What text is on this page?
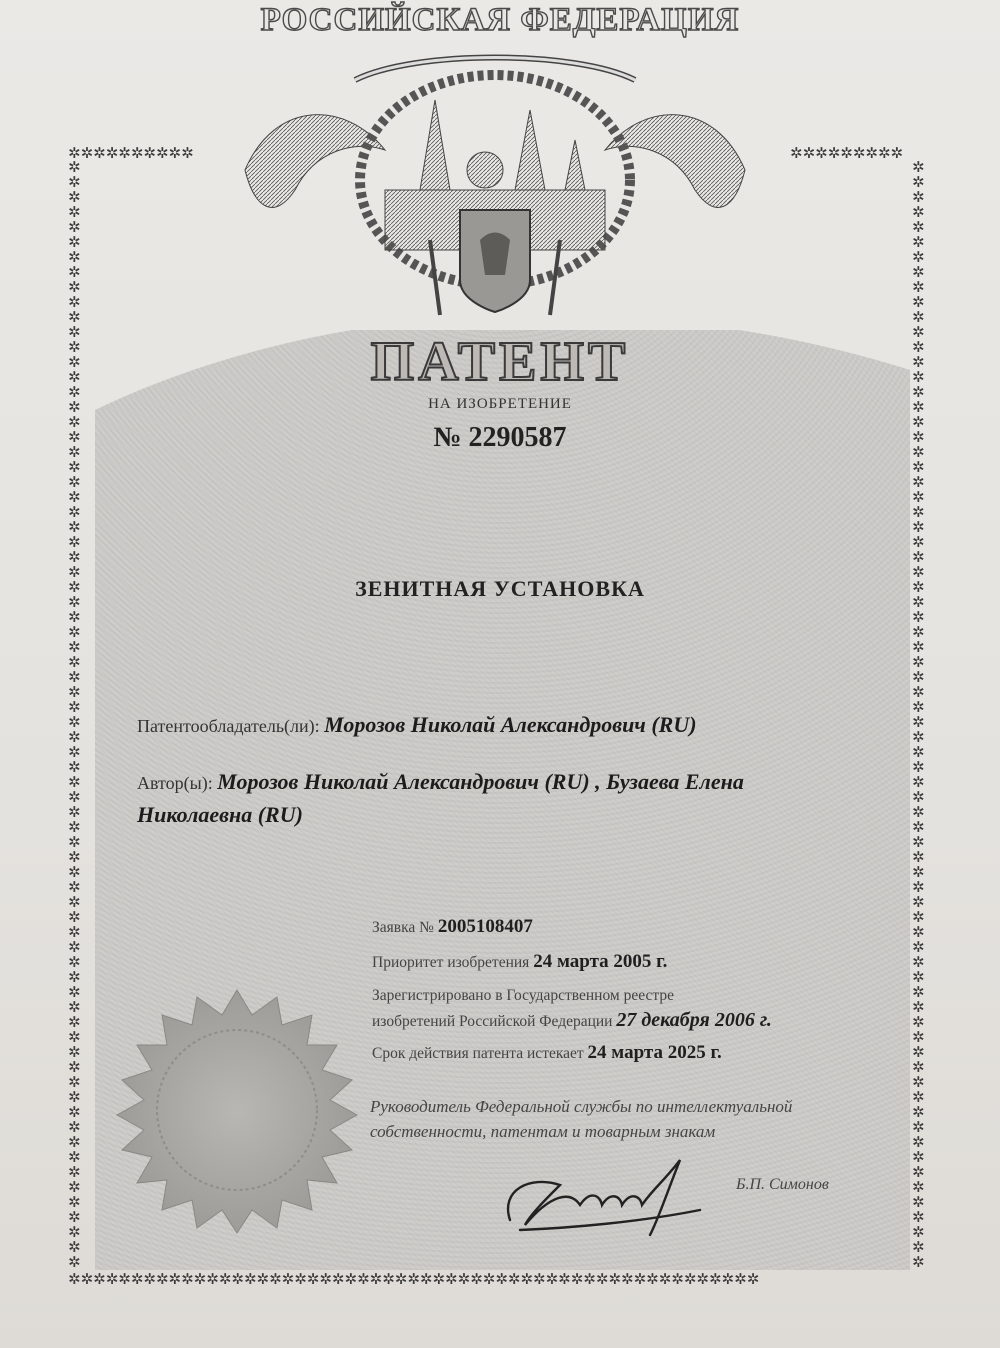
РОССИЙСКАЯ ФЕДЕРАЦИЯ
✲✲✲✲✲✲✲✲✲✲	✲✲✲✲✲✲✲✲✲
✲✲✲✲✲✲✲✲✲✲✲✲✲✲✲✲✲✲✲✲✲✲✲✲✲✲✲✲✲✲✲✲✲✲✲✲✲✲✲✲✲✲✲✲✲✲✲✲✲✲✲✲✲✲✲✲✲✲✲✲✲✲✲✲✲✲✲✲✲✲✲✲✲✲
✲✲✲✲✲✲✲✲✲✲✲✲✲✲✲✲✲✲✲✲✲✲✲✲✲✲✲✲✲✲✲✲✲✲✲✲✲✲✲✲✲✲✲✲✲✲✲✲✲✲✲✲✲✲✲✲✲✲✲✲✲✲✲✲✲✲✲✲✲✲✲✲✲✲
✲✲✲✲✲✲✲✲✲✲✲✲✲✲✲✲✲✲✲✲✲✲✲✲✲✲✲✲✲✲✲✲✲✲✲✲✲✲✲✲✲✲✲✲✲✲✲✲✲✲✲✲✲✲✲
ПАТЕНТ
НА ИЗОБРЕТЕНИЕ
№ 2290587
ЗЕНИТНАЯ УСТАНОВКА
Патентообладатель(ли): Морозов Николай Александрович (RU)
Автор(ы): Морозов Николай Александрович (RU) , Бузаева Елена Николаевна (RU)
Заявка № 2005108407
Приоритет изобретения 24 марта 2005 г.
Зарегистрировано в Государственном реестре
изобретений Российской Федерации 27 декабря 2006 г.
Срок действия патента истекает 24 марта 2025 г.
Руководитель Федеральной службы по интеллектуальной собственности, патентам и товарным знакам
Б.П. Симонов
